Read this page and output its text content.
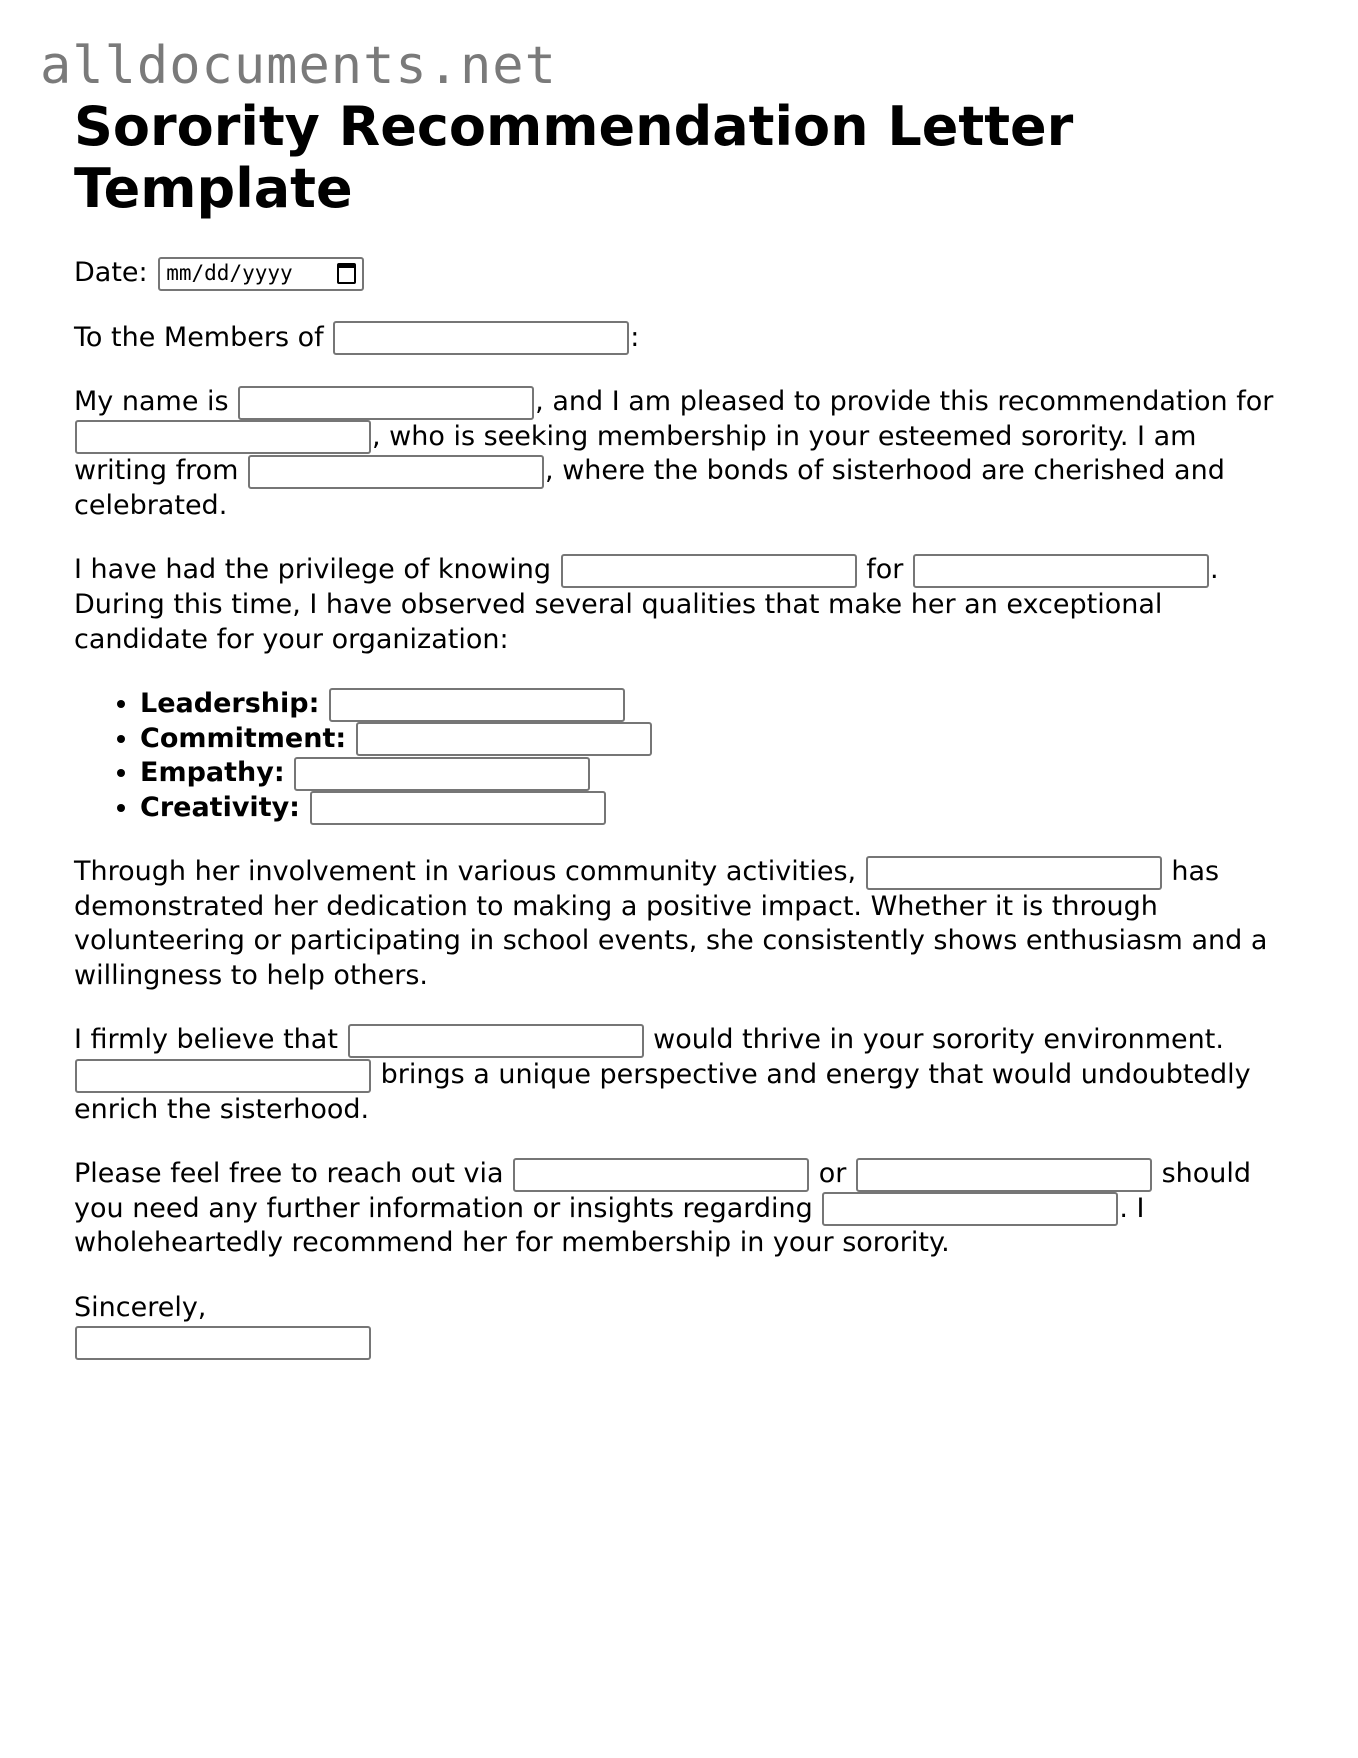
alldocuments.net
Sorority Recommendation Letter Template

Date: mm/dd/yyyy

To the Members of	:

My name is	, and I am pleased to provide this recommendation for , who is seeking membership in your esteemed sorority. I am writing from	, where the bonds of sisterhood are cherished and celebrated.

I have had the privilege of knowing	for	. During this time, I have observed several qualities that make her an exceptional candidate for your organization:

• Leadership:
• Commitment:
• Empathy:
• Creativity:

Through her involvement in various community activities,	has demonstrated her dedication to making a positive impact. Whether it is through volunteering or participating in school events, she consistently shows enthusiasm and a willingness to help others.

I firmly believe that	would thrive in your sorority environment.  brings a unique perspective and energy that would undoubtedly enrich the sisterhood.

Please feel free to reach out via	or	should you need any further information or insights regarding	. I wholeheartedly recommend her for membership in your sorority.

Sincerely,
